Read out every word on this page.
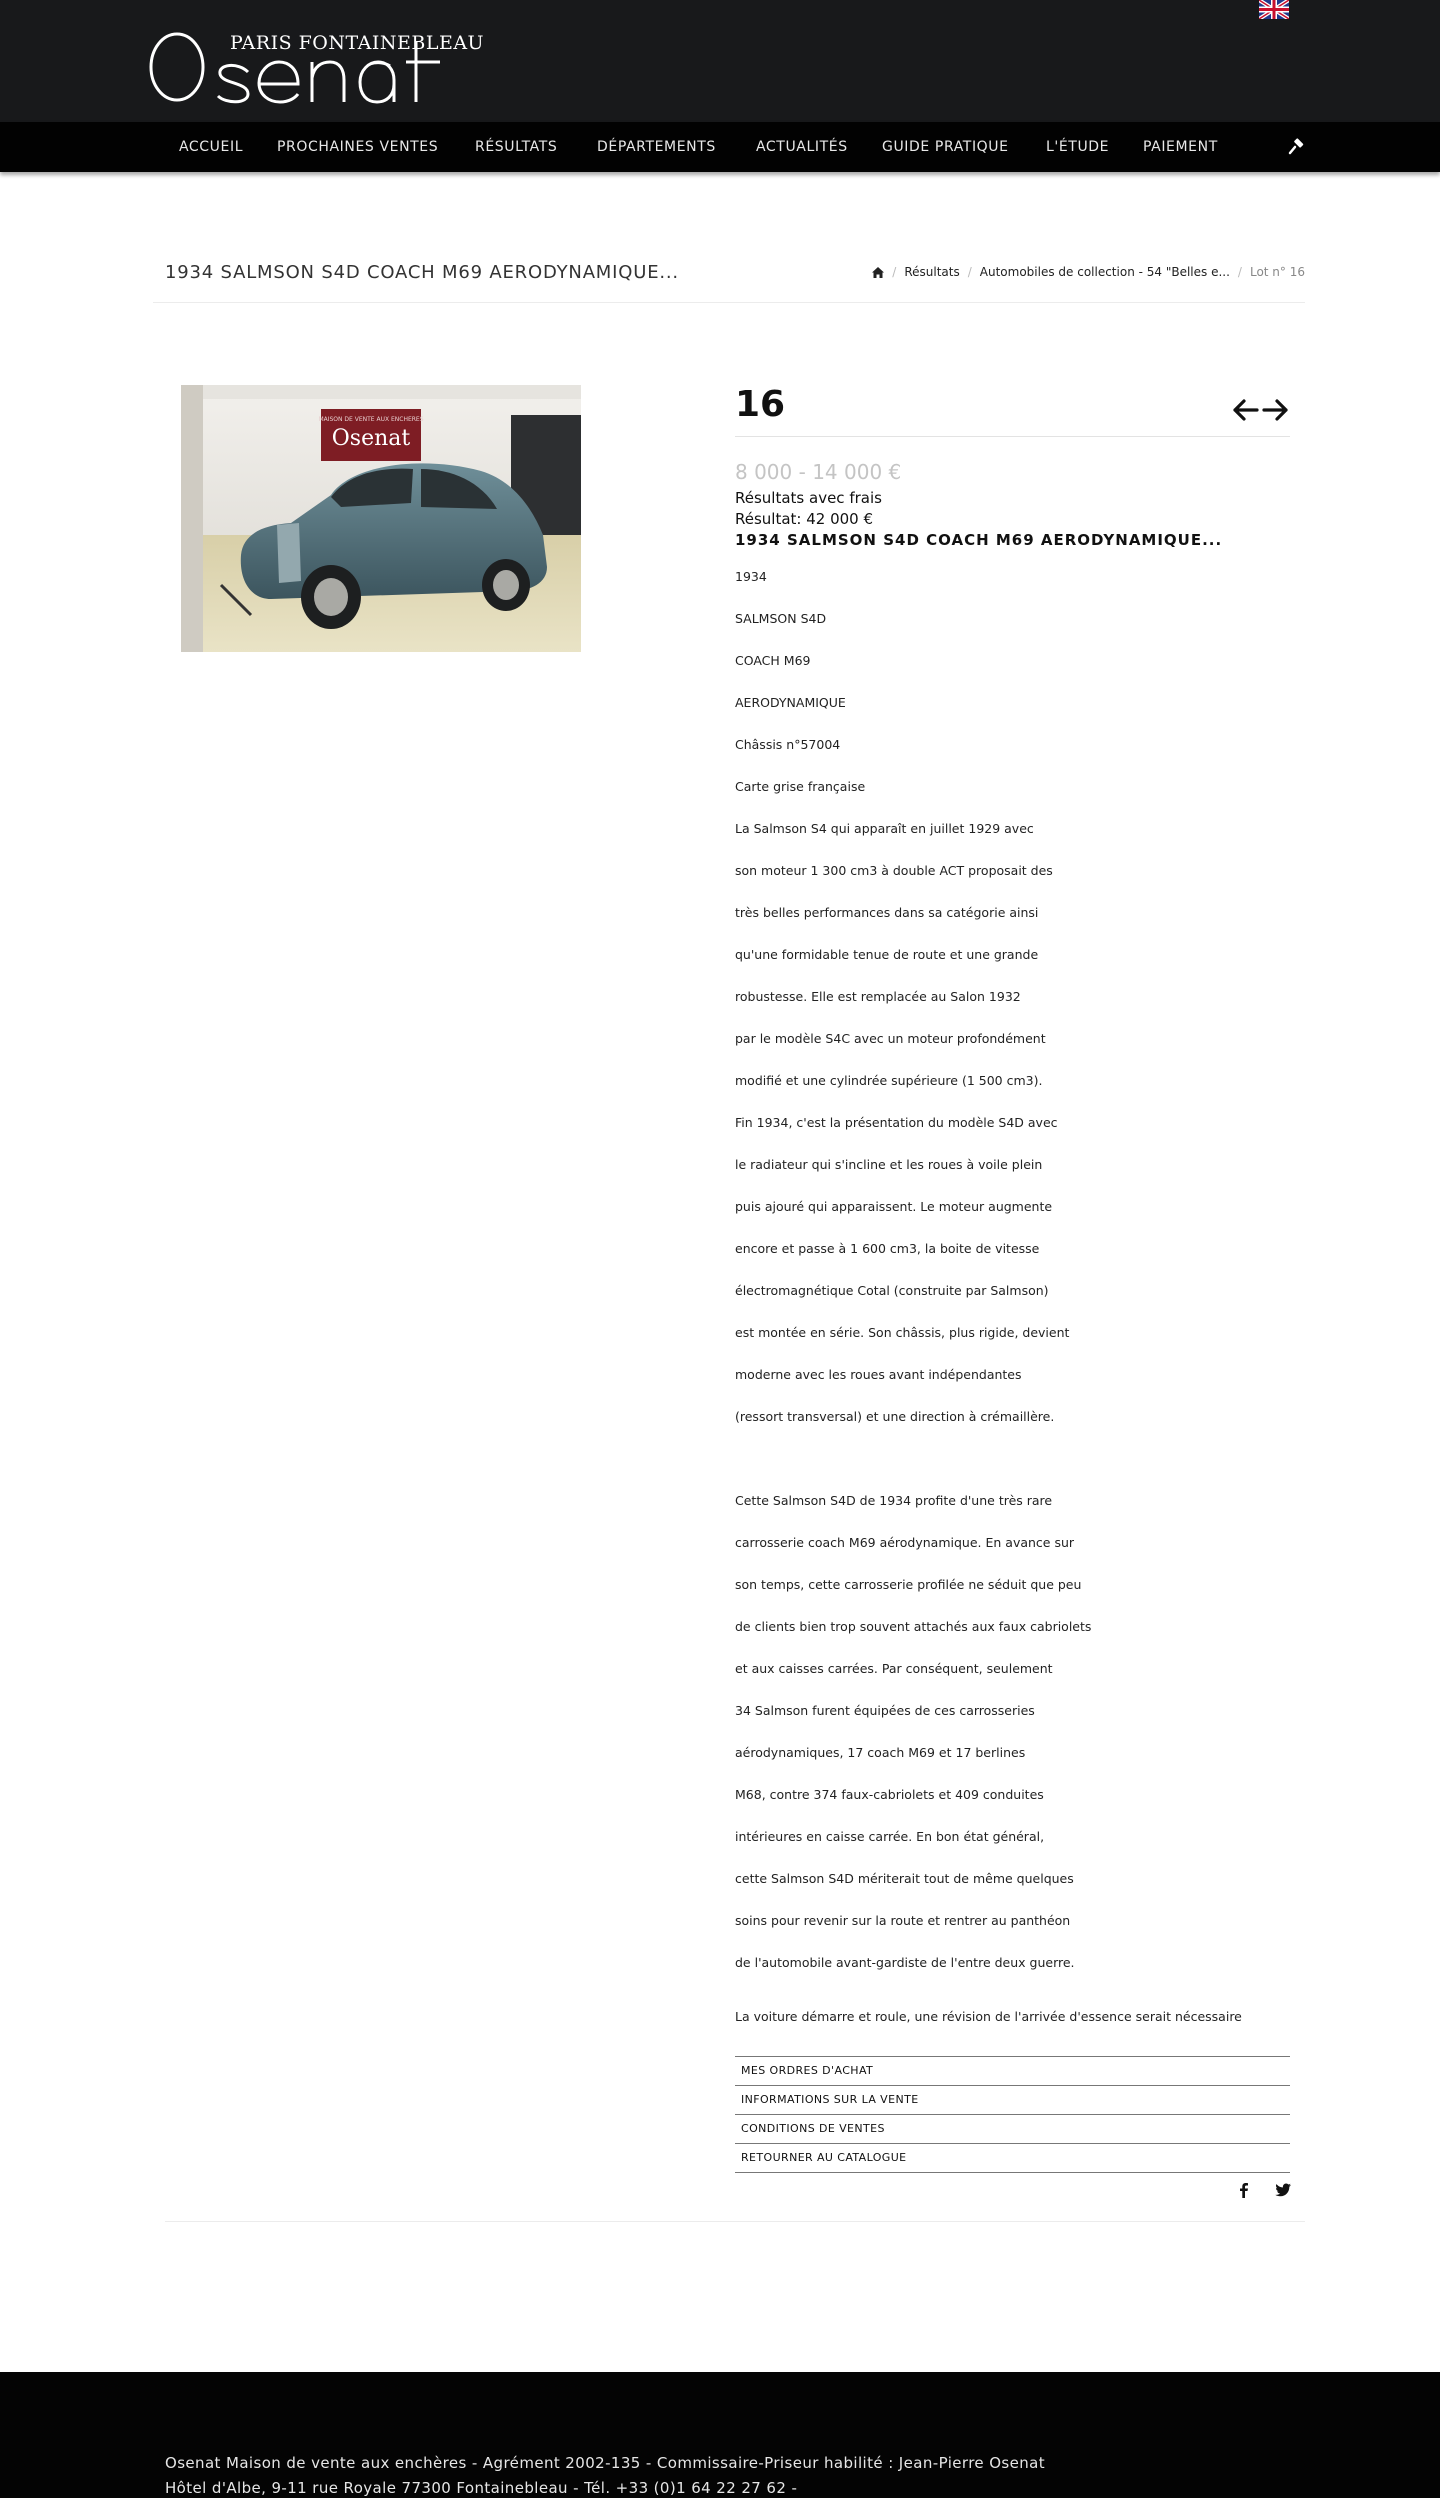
PARIS FONTAINEBLEAU
ACCUEIL PROCHAINES VENTES	RÉSULTATS	DÉPARTEMENTS	ACTUALITÉS GUIDE PRATIQUE	L'ÉTUDE PAIEMENT
1934 SALMSON S4D COACH M69 AERODYNAMIQUE...	/ Résultats / Automobiles de collection - 54 "Belles e... / Lot n° 16
Osenat
MAISON DE VENTE AUX ENCHERES	16
8 000 - 14 000 €
Résultats avec frais
Résultat: 42 000 €
1934 SALMSON S4D COACH M69 AERODYNAMIQUE...

1934

SALMSON S4D

COACH M69

AERODYNAMIQUE

Châssis n°57004

Carte grise française

La Salmson S4 qui apparaît en juillet 1929 avec

son moteur 1 300 cm3 à double ACT proposait des

très belles performances dans sa catégorie ainsi

qu'une formidable tenue de route et une grande

robustesse. Elle est remplacée au Salon 1932

par le modèle S4C avec un moteur profondément

modifié et une cylindrée supérieure (1 500 cm3).

Fin 1934, c'est la présentation du modèle S4D avec

le radiateur qui s'incline et les roues à voile plein

puis ajouré qui apparaissent. Le moteur augmente

encore et passe à 1 600 cm3, la boite de vitesse

électromagnétique Cotal (construite par Salmson)

est montée en série. Son châssis, plus rigide, devient

moderne avec les roues avant indépendantes

(ressort transversal) et une direction à crémaillère.

Cette Salmson S4D de 1934 profite d'une très rare

carrosserie coach M69 aérodynamique. En avance sur

son temps, cette carrosserie profilée ne séduit que peu

de clients bien trop souvent attachés aux faux cabriolets

et aux caisses carrées. Par conséquent, seulement

34 Salmson furent équipées de ces carrosseries

aérodynamiques, 17 coach M69 et 17 berlines

M68, contre 374 faux-cabriolets et 409 conduites

intérieures en caisse carrée. En bon état général,

cette Salmson S4D mériterait tout de même quelques

soins pour revenir sur la route et rentrer au panthéon

de l'automobile avant-gardiste de l'entre deux guerre.

La voiture démarre et roule, une révision de l'arrivée d'essence serait nécessaire
MES ORDRES D'ACHAT
INFORMATIONS SUR LA VENTE
CONDITIONS DE VENTES
RETOURNER AU CATALOGUE
Osenat Maison de vente aux enchères - Agrément 2002-135 - Commissaire-Priseur habilité : Jean-Pierre Osenat
Hôtel d'Albe, 9-11 rue Royale 77300 Fontainebleau - Tél. +33 (0)1 64 22 27 62 -
